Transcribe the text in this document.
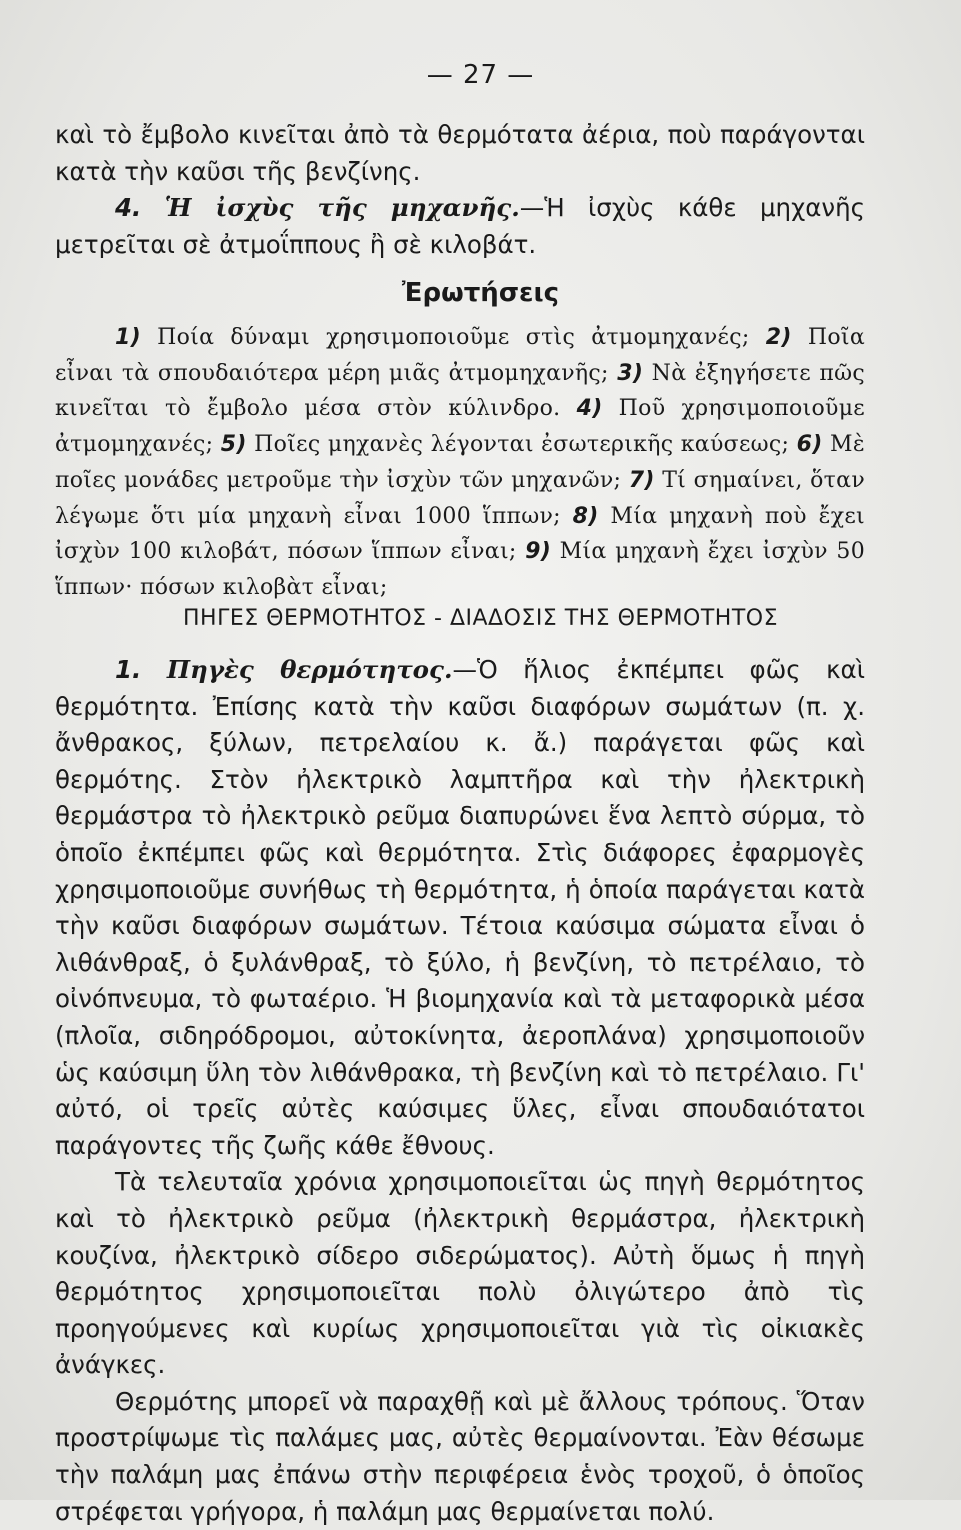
— 27 —

καὶ τὸ ἔμβολο κινεῖται ἀπὸ τὰ θερμότατα ἀέρια, ποὺ παράγονται κατὰ τὴν καῦσι τῆς βενζίνης.

4. Ἡ ἰσχὺς τῆς μηχανῆς.—Ἡ ἰσχὺς κάθε μηχανῆς μετρεῖται σὲ ἀτμοΐππους ἢ σὲ κιλοβάτ.

Ἐρωτήσεις
1) Ποία δύναμι χρησιμοποιοῦμε στὶς ἀτμομηχανές; 2) Ποῖα εἶναι τὰ σπουδαιότερα μέρη μιᾶς ἀτμομηχανῆς; 3) Νὰ ἐξηγήσετε πῶς κινεῖται τὸ ἔμβολο μέσα στὸν κύλινδρο. 4) Ποῦ χρησιμοποιοῦμε ἀτμομηχανές; 5) Ποῖες μηχανὲς λέγονται ἐσωτερικῆς καύσεως; 6) Μὲ ποῖες μονάδες μετροῦμε τὴν ἰσχὺν τῶν μηχανῶν; 7) Τί σημαίνει, ὅταν λέγωμε ὅτι μία μηχανὴ εἶναι 1000 ἵππων; 8) Μία μηχανὴ ποὺ ἔχει ἰσχὺν 100 κιλοβάτ, πόσων ἵππων εἶναι; 9) Μία μηχανὴ ἔχει ἰσχὺν 50 ἵππων· πόσων κιλοβὰτ εἶναι;
ΠΗΓΕΣ ΘΕΡΜΟΤΗΤΟΣ - ΔΙΑΔΟΣΙΣ ΤΗΣ ΘΕΡΜΟΤΗΤΟΣ

1. Πηγὲς θερμότητος.—Ὁ ἥλιος ἐκπέμπει φῶς καὶ θερμότητα. Ἐπίσης κατὰ τὴν καῦσι διαφόρων σωμάτων (π. χ. ἄνθρακος, ξύλων, πετρελαίου κ. ἄ.) παράγεται φῶς καὶ θερμότης. Στὸν ἠλεκτρικὸ λαμπτῆρα καὶ τὴν ἠλεκτρικὴ θερμάστρα τὸ ἠλεκτρικὸ ρεῦμα διαπυρώνει ἕνα λεπτὸ σύρμα, τὸ ὁποῖο ἐκπέμπει φῶς καὶ θερμότητα. Στὶς διάφορες ἐφαρμογὲς χρησιμοποιοῦμε συνήθως τὴ θερμότητα, ἡ ὁποία παράγεται κατὰ τὴν καῦσι διαφόρων σωμάτων. Τέτοια καύσιμα σώματα εἶναι ὁ λιθάνθραξ, ὁ ξυλάνθραξ, τὸ ξύλο, ἡ βενζίνη, τὸ πετρέλαιο, τὸ οἰνόπνευμα, τὸ φωταέριο. Ἡ βιομηχανία καὶ τὰ μεταφορικὰ μέσα (πλοῖα, σιδηρόδρομοι, αὐτοκίνητα, ἀεροπλάνα) χρησιμοποιοῦν ὡς καύσιμη ὕλη τὸν λιθάνθρακα, τὴ βενζίνη καὶ τὸ πετρέλαιο. Γι' αὐτό, οἱ τρεῖς αὐτὲς καύσιμες ὕλες, εἶναι σπουδαιότατοι παράγοντες τῆς ζωῆς κάθε ἔθνους.

Τὰ τελευταῖα χρόνια χρησιμοποιεῖται ὡς πηγὴ θερμότητος καὶ τὸ ἠλεκτρικὸ ρεῦμα (ἠλεκτρικὴ θερμάστρα, ἠλεκτρικὴ κουζίνα, ἠλεκτρικὸ σίδερο σιδερώματος). Αὐτὴ ὅμως ἡ πηγὴ θερμότητος χρησιμοποιεῖται πολὺ ὀλιγώτερο ἀπὸ τὶς προηγούμενες καὶ κυρίως χρησιμοποιεῖται γιὰ τὶς οἰκιακὲς ἀνάγκες.

Θερμότης μπορεῖ νὰ παραχθῇ καὶ μὲ ἄλλους τρόπους. Ὅταν προστρίψωμε τὶς παλάμες μας, αὐτὲς θερμαίνονται. Ἐὰν θέσωμε τὴν παλάμη μας ἐπάνω στὴν περιφέρεια ἑνὸς τροχοῦ, ὁ ὁποῖος στρέφεται γρήγορα, ἡ παλάμη μας θερμαίνεται πολύ.
